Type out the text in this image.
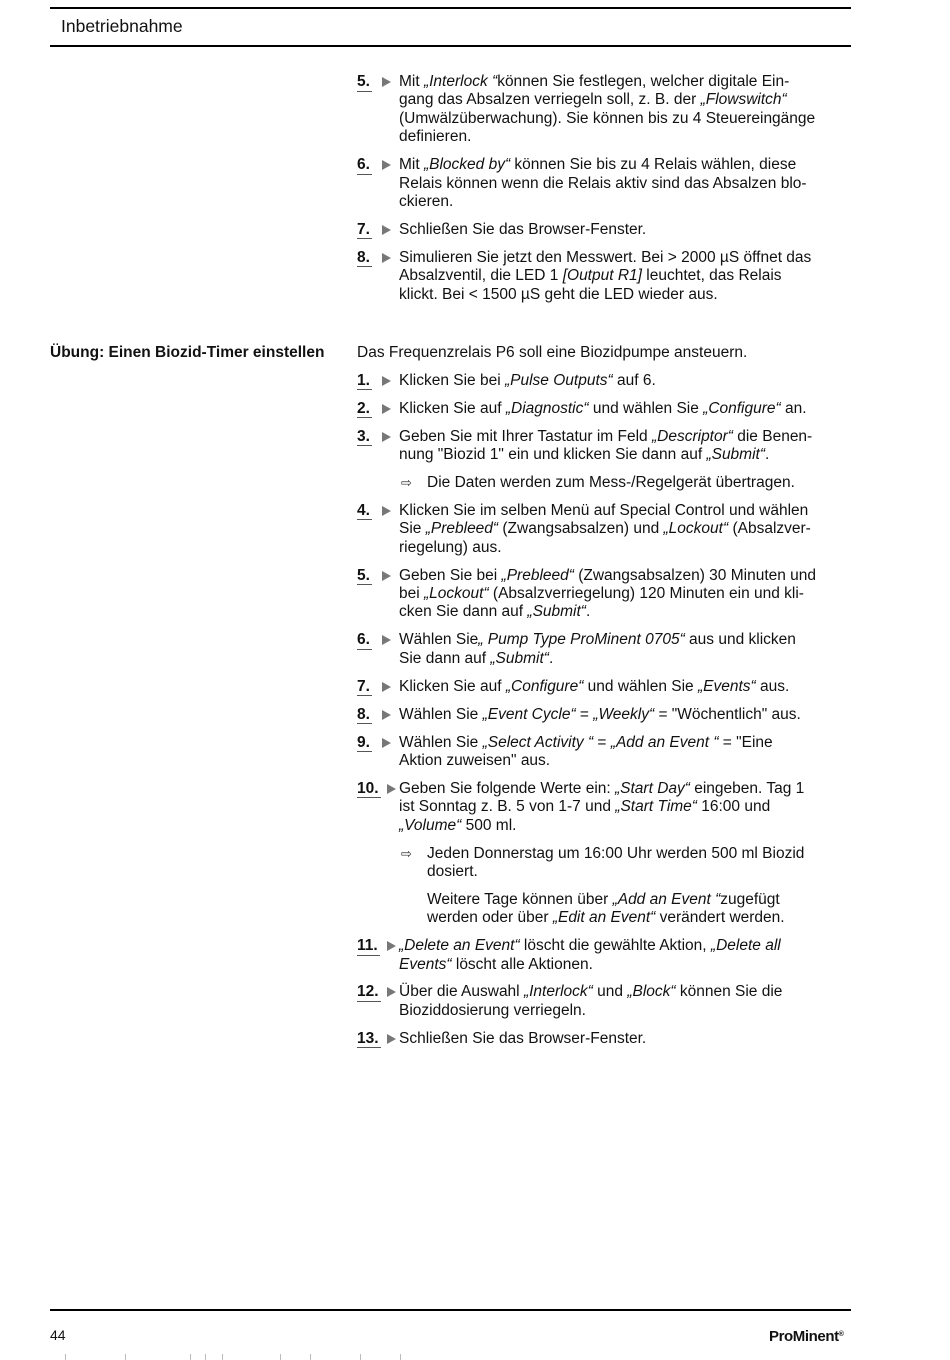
Inbetriebnahme
5.	Mit „Interlock “können Sie festlegen, welcher digitale Ein-
gang das Absalzen verriegeln soll, z. B. der „Flowswitch“
(Umwälzüberwachung). Sie können bis zu 4 Steuereingänge
definieren.
6.	Mit „Blocked by“ können Sie bis zu 4 Relais wählen, diese
Relais können wenn die Relais aktiv sind das Absalzen blo-
ckieren.
7.	Schließen Sie das Browser-Fenster.
8.	Simulieren Sie jetzt den Messwert. Bei > 2000 µS öffnet das
Absalzventil, die LED 1 [Output R1] leuchtet, das Relais
klickt. Bei < 1500 µS geht die LED wieder aus.
Übung: Einen Biozid-Timer einstellen Das Frequenzrelais P6 soll eine Biozidpumpe ansteuern.
1.	Klicken Sie bei „Pulse Outputs“ auf 6.
2.	Klicken Sie auf „Diagnostic“ und wählen Sie „Configure“ an.
3.	Geben Sie mit Ihrer Tastatur im Feld „Descriptor“ die Benen-
nung "Biozid 1" ein und klicken Sie dann auf „Submit“.
⇨ Die Daten werden zum Mess-/Regelgerät übertragen.
4.	Klicken Sie im selben Menü auf Special Control und wählen
Sie „Prebleed“ (Zwangsabsalzen) und „Lockout“ (Absalzver-
riegelung) aus.
5.	Geben Sie bei „Prebleed“ (Zwangsabsalzen) 30 Minuten und
bei „Lockout“ (Absalzverriegelung) 120 Minuten ein und kli-
cken Sie dann auf „Submit“.
6.	Wählen Sie„ Pump Type ProMinent 0705“ aus und klicken
Sie dann auf „Submit“.
7.	Klicken Sie auf „Configure“ und wählen Sie „Events“ aus.
8.	Wählen Sie „Event Cycle“ = „Weekly“ = "Wöchentlich" aus.
9.	Wählen Sie „Select Activity “ = „Add an Event “ = "Eine
Aktion zuweisen" aus.
10.	Geben Sie folgende Werte ein: „Start Day“ eingeben. Tag 1
ist Sonntag z. B. 5 von 1-7 und „Start Time“ 16:00 und
„Volume“ 500 ml.
⇨ Jeden Donnerstag um 16:00 Uhr werden 500 ml Biozid
dosiert.
Weitere Tage können über „Add an Event “zugefügt
werden oder über „Edit an Event“ verändert werden.
11.	„Delete an Event“ löscht die gewählte Aktion, „Delete all
Events“ löscht alle Aktionen.
12.	Über die Auswahl „Interlock“ und „Block“ können Sie die
Bioziddosierung verriegeln.
13.	Schließen Sie das Browser-Fenster.
44	ProMinent®
